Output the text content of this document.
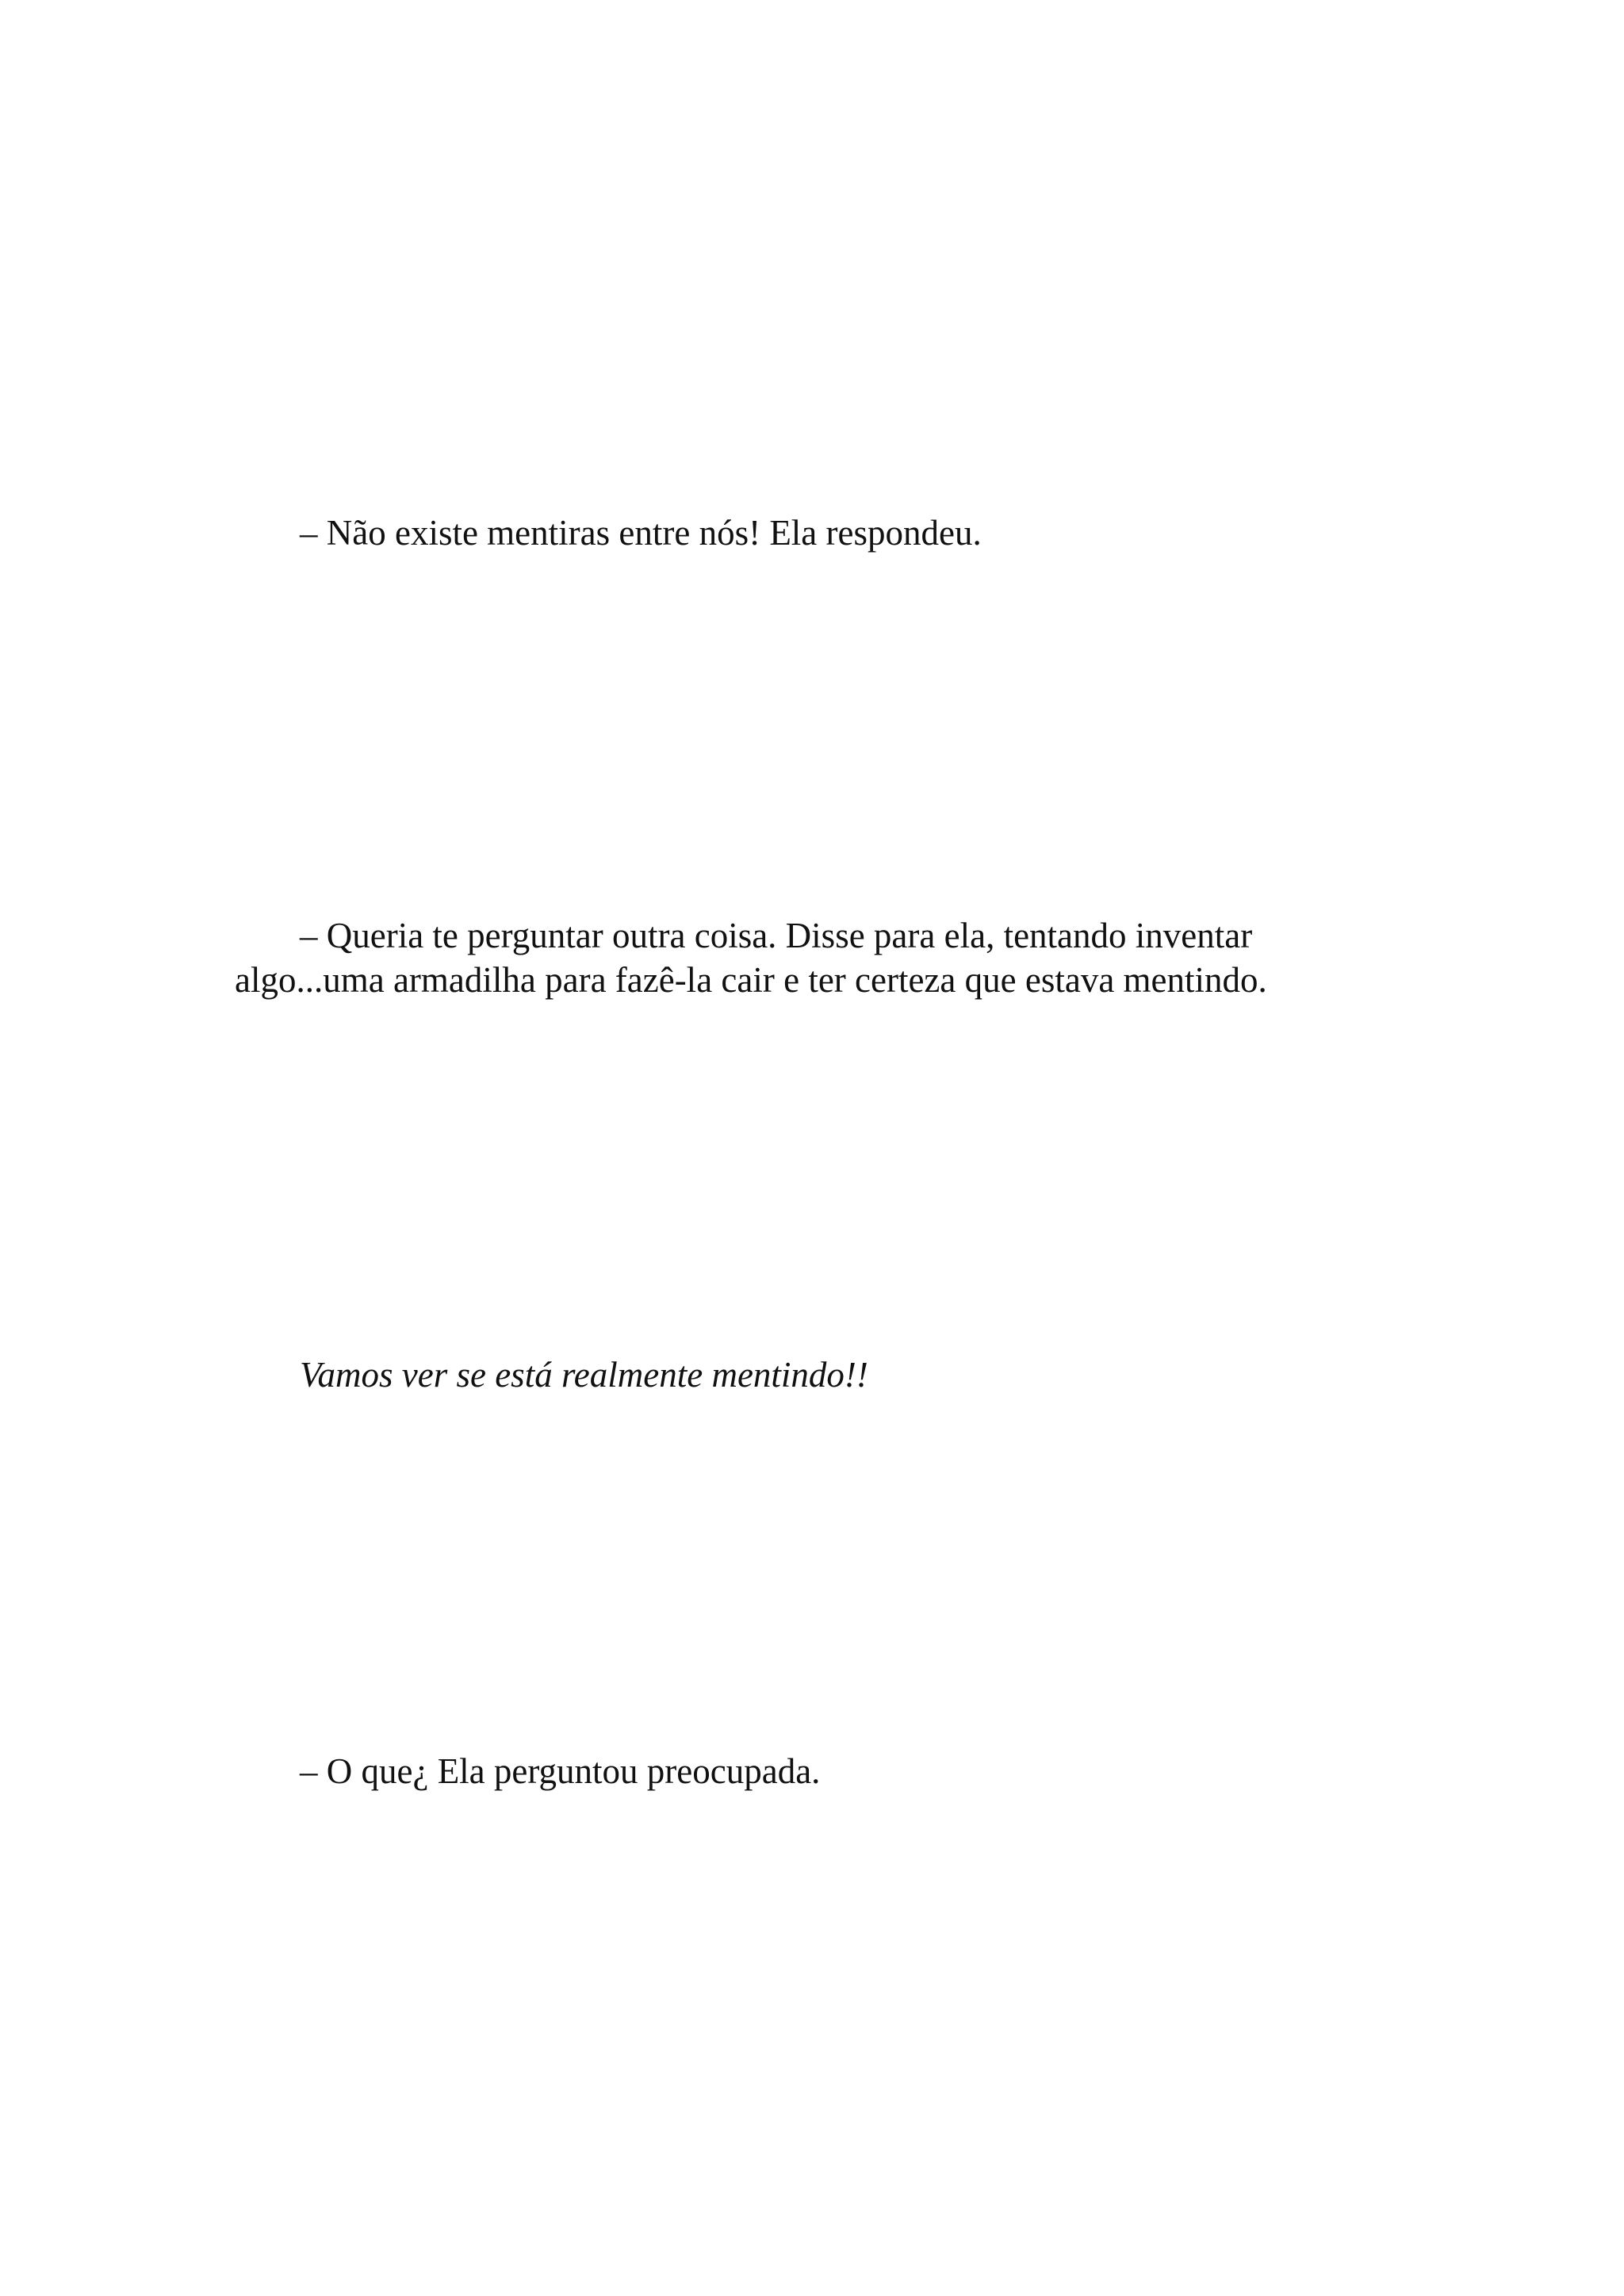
– Não existe mentiras entre nós! Ela respondeu.

– Queria te perguntar outra coisa. Disse para ela, tentando inventar
algo...uma armadilha para fazê-la cair e ter certeza que estava mentindo.

Vamos ver se está realmente mentindo!!

– O que¿ Ela perguntou preocupada.
